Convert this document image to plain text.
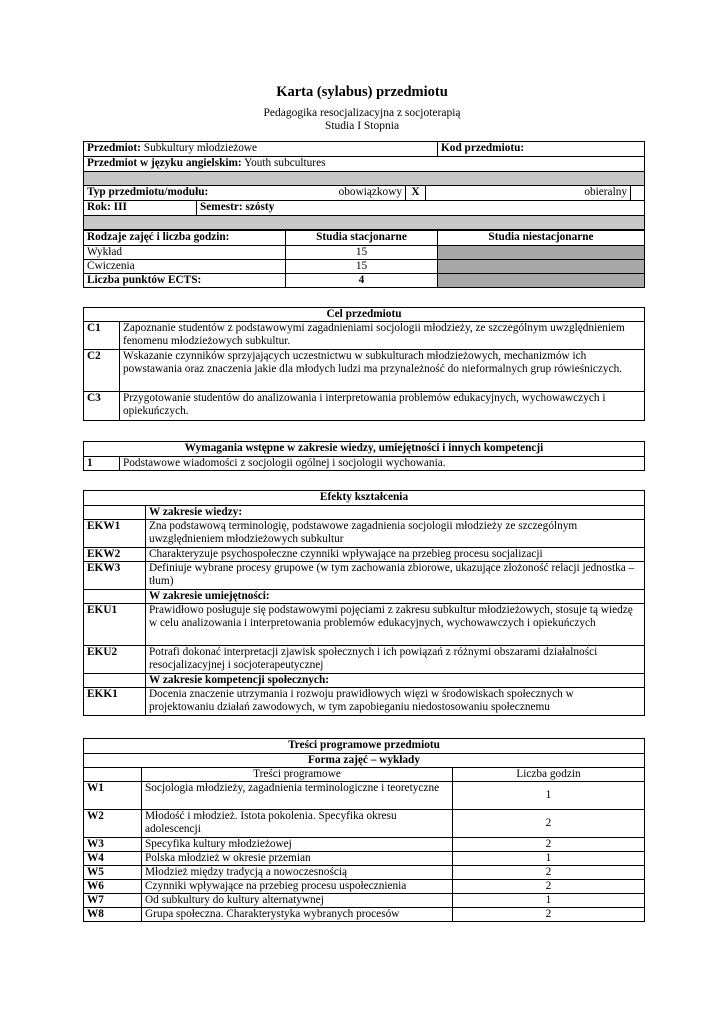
Karta (sylabus) przedmiotu
Pedagogika resocjalizacyjna z socjoterapią
Studia I Stopnia
Przedmiot: Subkultury młodzieżowe				Kod przedmiotu:	
Przedmiot w języku angielskim: Youth subcultures					
Grupy szczegółowych efektów kształcenia:					
Typ przedmiotu/modułu: obowiązkowy		X	obieralny		
Rok: III	Semestr: szósty				

Rodzaje zajęć i liczba godzin:	Studia stacjonarne	Studia niestacjonarne
Wykład	15	
Ćwiczenia	15	
Liczba punktów ECTS:	4	
Cel przedmiotu	
C1	Zapoznanie studentów z podstawowymi zagadnieniami socjologii młodzieży, ze szczególnym uwzględnieniem fenomenu młodzieżowych subkultur.
C2	Wskazanie czynników sprzyjających uczestnictwu w subkulturach młodzieżowych, mechanizmów ich powstawania oraz znaczenia jakie dla młodych ludzi ma przynależność do nieformalnych grup rówieśniczych.
C3	Przygotowanie studentów do analizowania i interpretowania problemów edukacyjnych, wychowawczych i opiekuńczych.
Wymagania wstępne w zakresie wiedzy, umiejętności i innych kompetencji
1	Podstawowe wiadomości z socjologii ogólnej i socjologii wychowania.
Efekty kształcenia	
	W zakresie wiedzy:
EKW1	Zna podstawową terminologię, podstawowe zagadnienia socjologii młodzieży ze szczególnym uwzględnieniem młodzieżowych subkultur
EKW2	Charakteryzuje psychospołeczne czynniki wpływające na przebieg procesu socjalizacji
EKW3	Definiuje wybrane procesy grupowe (w tym zachowania zbiorowe, ukazujące złożoność relacji jednostka – tłum)
	W zakresie umiejętności:
EKU1	Prawidłowo posługuje się podstawowymi pojęciami z zakresu subkultur młodzieżowych, stosuje tą wiedzę w celu analizowania i interpretowania problemów edukacyjnych, wychowawczych i opiekuńczych
EKU2	Potrafi dokonać interpretacji zjawisk społecznych i ich powiązań z różnymi obszarami działalności resocjalizacyjnej i socjoterapeutycznej
	W zakresie kompetencji społecznych:
EKK1	Docenia znaczenie utrzymania i rozwoju prawidłowych więzi w środowiskach społecznych w projektowaniu działań zawodowych, w tym zapobieganiu niedostosowaniu społecznemu
Treści programowe przedmiotu		
Forma zajęć – wykłady		
	Treści programowe	Liczba godzin
W1	Socjologia młodzieży, zagadnienia terminologiczne i teoretyczne	1
W2	Młodość i młodzież. Istota pokolenia. Specyfika okresu adolescencji	2
W3	Specyfika kultury młodzieżowej	2
W4	Polska młodzież w okresie przemian	1
W5	Młodzież między tradycją a nowoczesnością	2
W6	Czynniki wpływające na przebieg procesu uspołecznienia	2
W7	Od subkultury do kultury alternatywnej	1
W8	Grupa społeczna. Charakterystyka wybranych procesów	2
